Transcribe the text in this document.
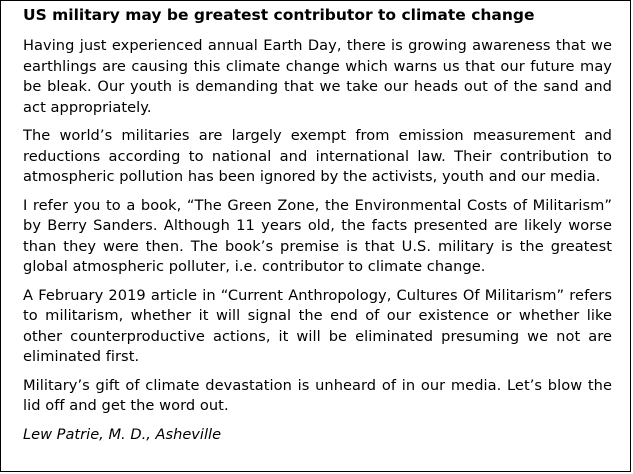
US military may be greatest contributor to climate change

Having just experienced annual Earth Day, there is growing awareness that we earthlings are causing this climate change which warns us that our future may be bleak. Our youth is demanding that we take our heads out of the sand and act appropriately.

The world’s militaries are largely exempt from emission measurement and reductions according to national and international law. Their contribution to atmospheric pollution has been ignored by the activists, youth and our media.

I refer you to a book, “The Green Zone, the Environmental Costs of Militarism” by Berry Sanders. Although 11 years old, the facts presented are likely worse than they were then. The book’s premise is that U.S. military is the greatest global atmospheric polluter, i.e. contributor to climate change.

A February 2019 article in “Current Anthropology, Cultures Of Militarism” refers to militarism, whether it will signal the end of our existence or whether like other counterproductive actions, it will be eliminated presuming we not are eliminated first.

Military’s gift of climate devastation is unheard of in our media. Let’s blow the lid off and get the word out.

Lew Patrie, M. D., Asheville
